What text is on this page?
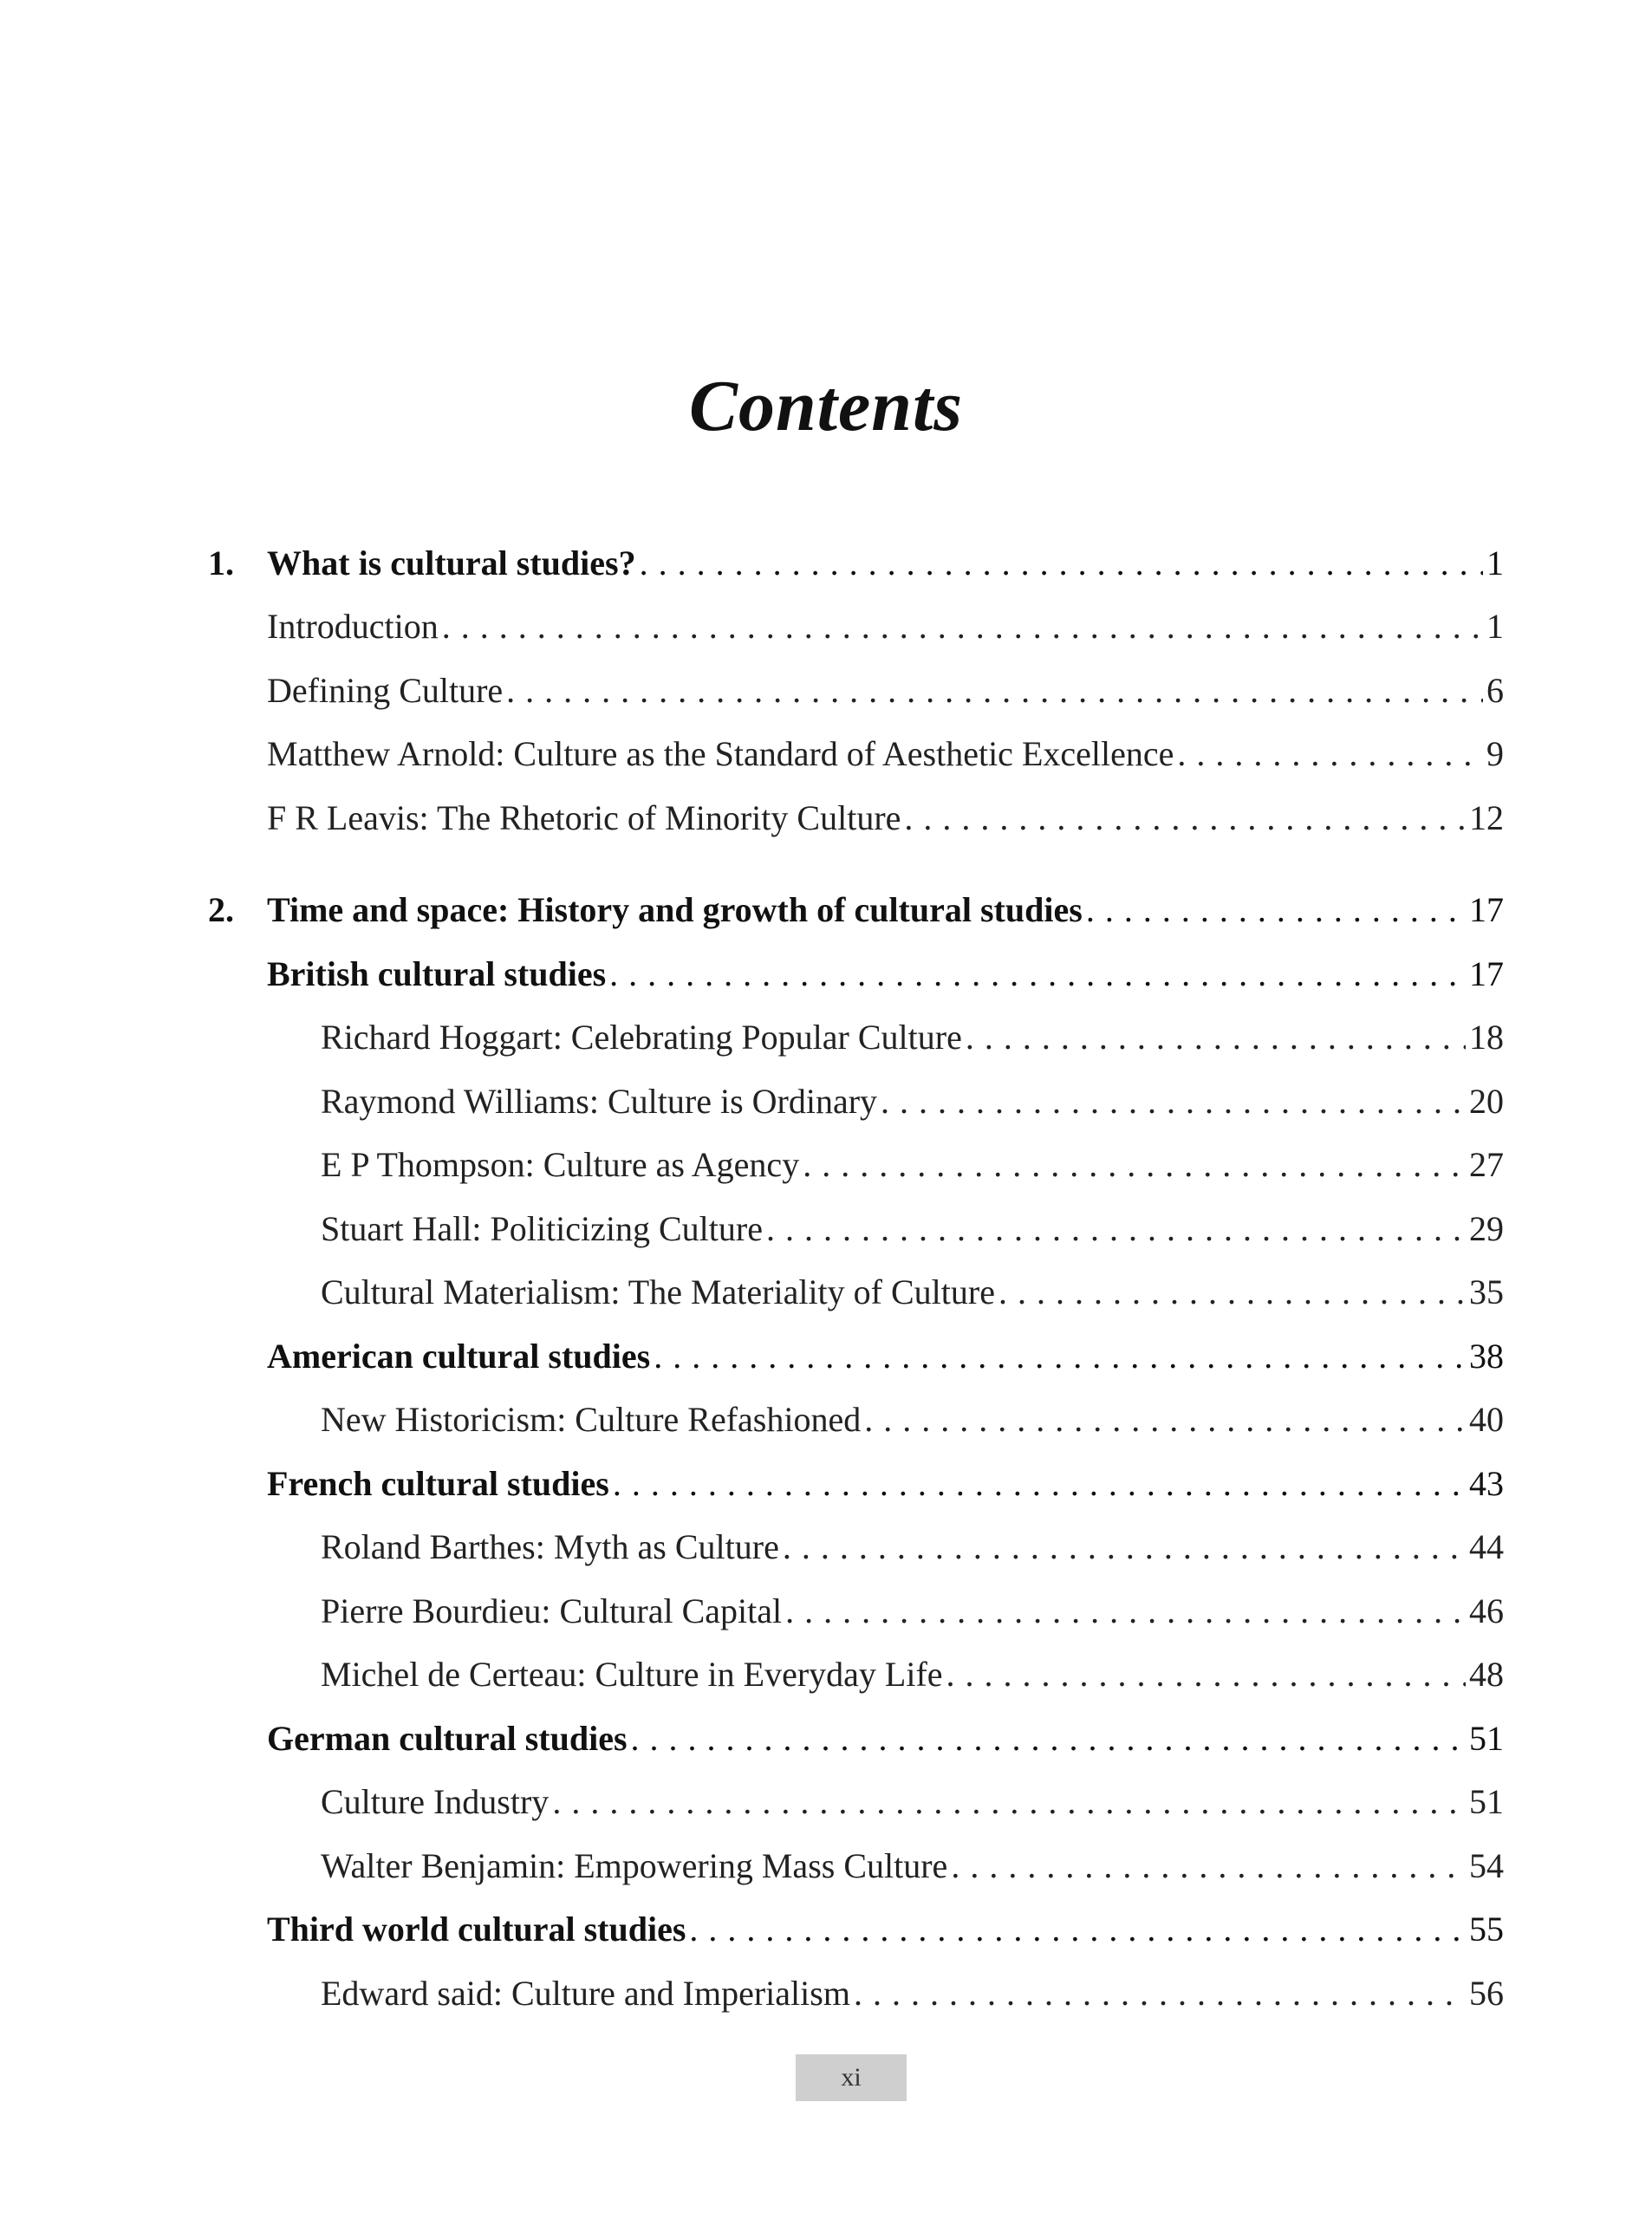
Contents
1. What is cultural studies? . . .	1
Introduction . . .	1
Defining Culture . . .	6
Matthew Arnold: Culture as the Standard of Aesthetic Excellence . . .	9
F R Leavis: The Rhetoric of Minority Culture . . .	12
2. Time and space: History and growth of cultural studies . . .	17
British cultural studies . . .	17
Richard Hoggart: Celebrating Popular Culture . . .	18
Raymond Williams: Culture is Ordinary . . .	20
E P Thompson: Culture as Agency . . .	27
Stuart Hall: Politicizing Culture . . .	29
Cultural Materialism: The Materiality of Culture . . .	35
American cultural studies . . .	38
New Historicism: Culture Refashioned . . .	40
French cultural studies . . .	43
Roland Barthes: Myth as Culture . . .	44
Pierre Bourdieu: Cultural Capital . . .	46
Michel de Certeau: Culture in Everyday Life . . .	48
German cultural studies . . .	51
Culture Industry . . .	51
Walter Benjamin: Empowering Mass Culture . . .	54
Third world cultural studies . . .	55
Edward said: Culture and Imperialism . . .	56
xi
